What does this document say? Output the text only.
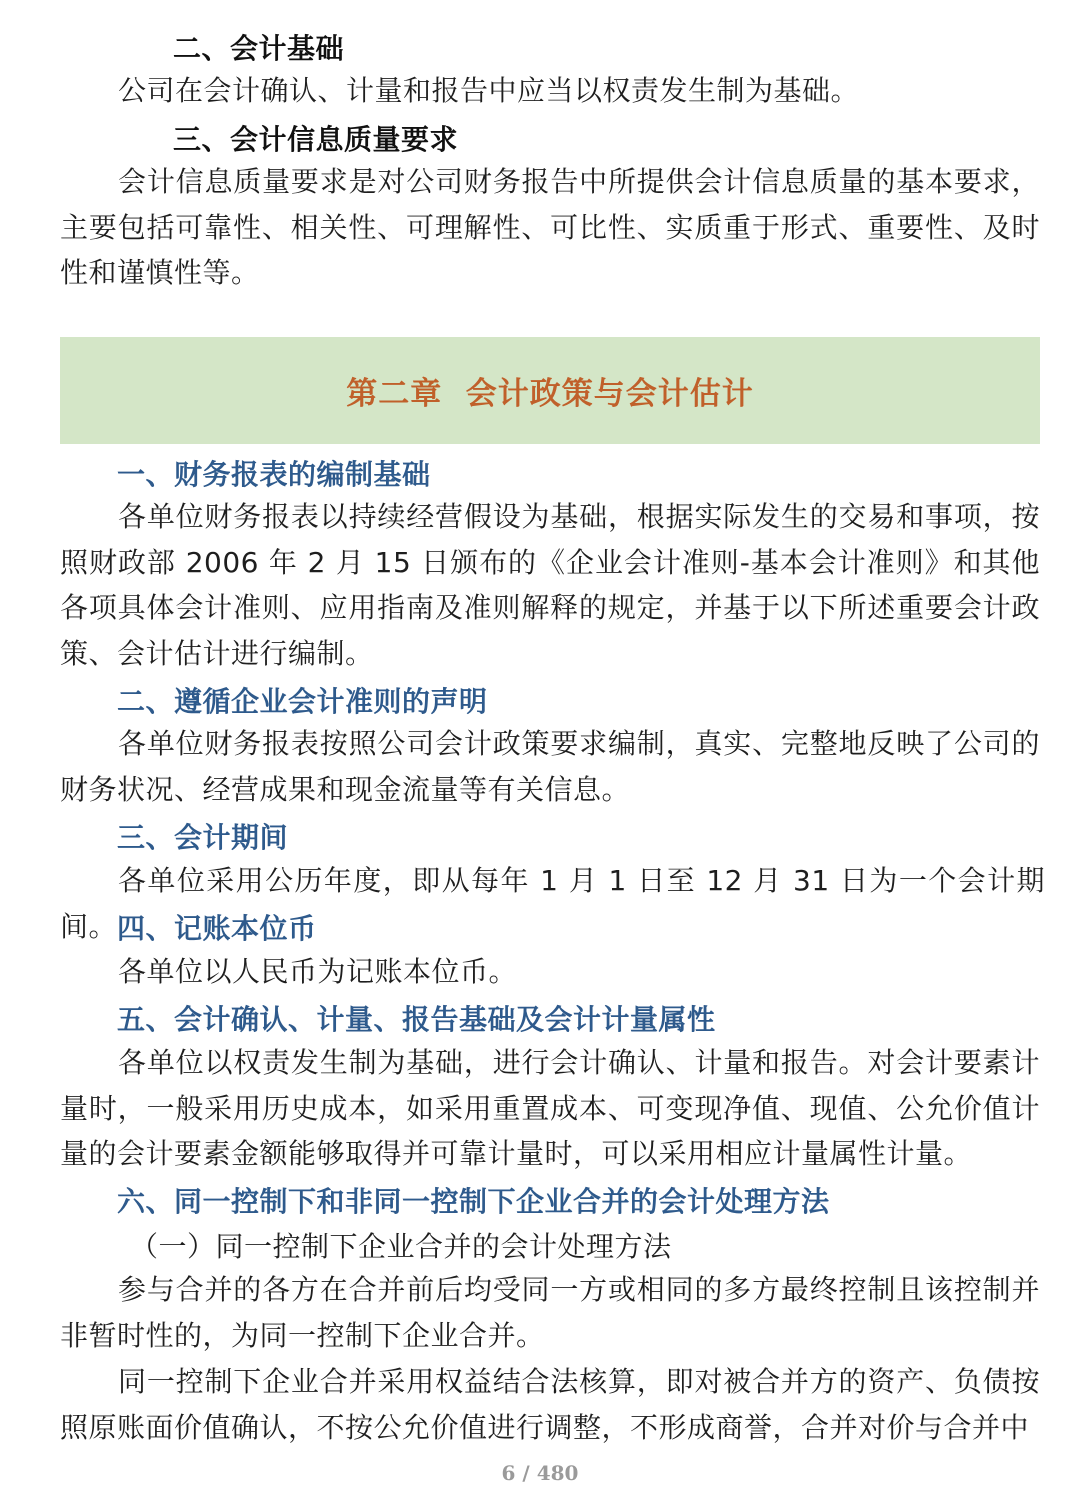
二、会计基础

公司在会计确认、计量和报告中应当以权责发生制为基础。

三、会计信息质量要求

会计信息质量要求是对公司财务报告中所提供会计信息质量的基本要求，主要包括可靠性、相关性、可理解性、可比性、实质重于形式、重要性、及时性和谨慎性等。

第二章  会计政策与会计估计
一、财务报表的编制基础

各单位财务报表以持续经营假设为基础，根据实际发生的交易和事项，按照财政部 2006 年 2 月 15 日颁布的《企业会计准则-基本会计准则》和其他各项具体会计准则、应用指南及准则解释的规定，并基于以下所述重要会计政策、会计估计进行编制。

二、遵循企业会计准则的声明

各单位财务报表按照公司会计政策要求编制，真实、完整地反映了公司的财务状况、经营成果和现金流量等有关信息。

三、会计期间

各单位采用公历年度，即从每年 1 月 1 日至 12 月 31 日为一个会计期间。 四、记账本位币

各单位以人民币为记账本位币。

五、会计确认、计量、报告基础及会计计量属性

各单位以权责发生制为基础，进行会计确认、计量和报告。对会计要素计量时，一般采用历史成本，如采用重置成本、可变现净值、现值、公允价值计量的会计要素金额能够取得并可靠计量时，可以采用相应计量属性计量。

六、同一控制下和非同一控制下企业合并的会计处理方法
（一）同一控制下企业合并的会计处理方法

参与合并的各方在合并前后均受同一方或相同的多方最终控制且该控制并非暂时性的，为同一控制下企业合并。

同一控制下企业合并采用权益结合法核算，即对被合并方的资产、负债按照原账面价值确认，不按公允价值进行调整，不形成商誉，合并对价与合并中

6 / 480
